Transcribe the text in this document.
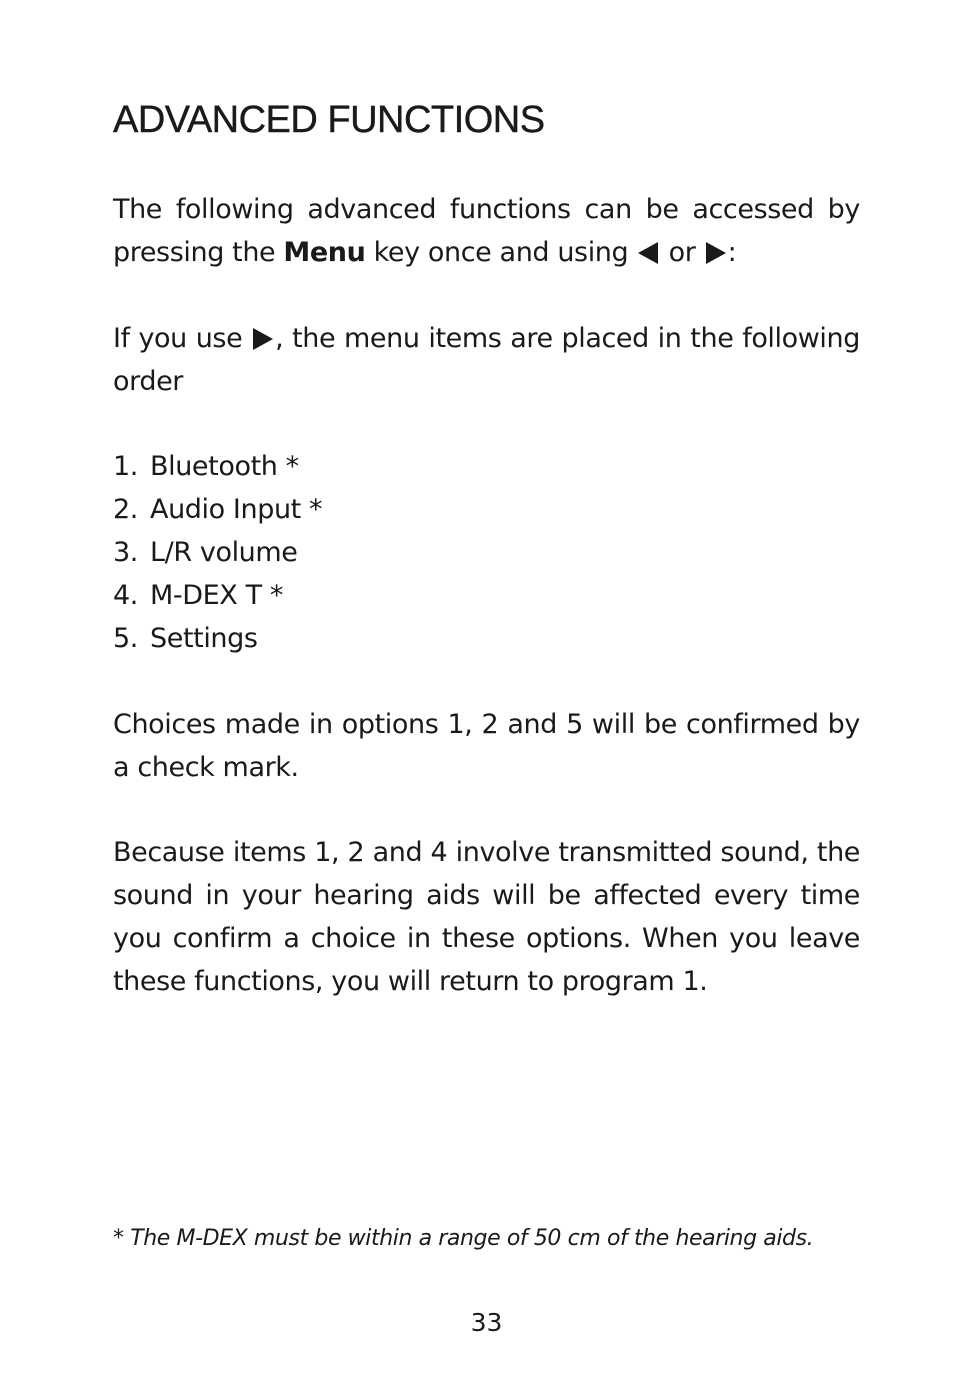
ADVANCED FUNCTIONS

The following advanced functions can be accessed by pressing the Menu key once and using  or :

If you use , the menu items are placed in the following order

1. Bluetooth *
2. Audio Input *
3. L/R volume
4. M-DEX T *
5. Settings

Choices made in options 1, 2 and 5 will be confirmed by a check mark.

Because items 1, 2 and 4 involve transmitted sound, the sound in your hearing aids will be affected every time you confirm a choice in these options. When you leave these functions, you will return to program 1.

* The M-DEX must be within a range of 50 cm of the hearing aids.

33
